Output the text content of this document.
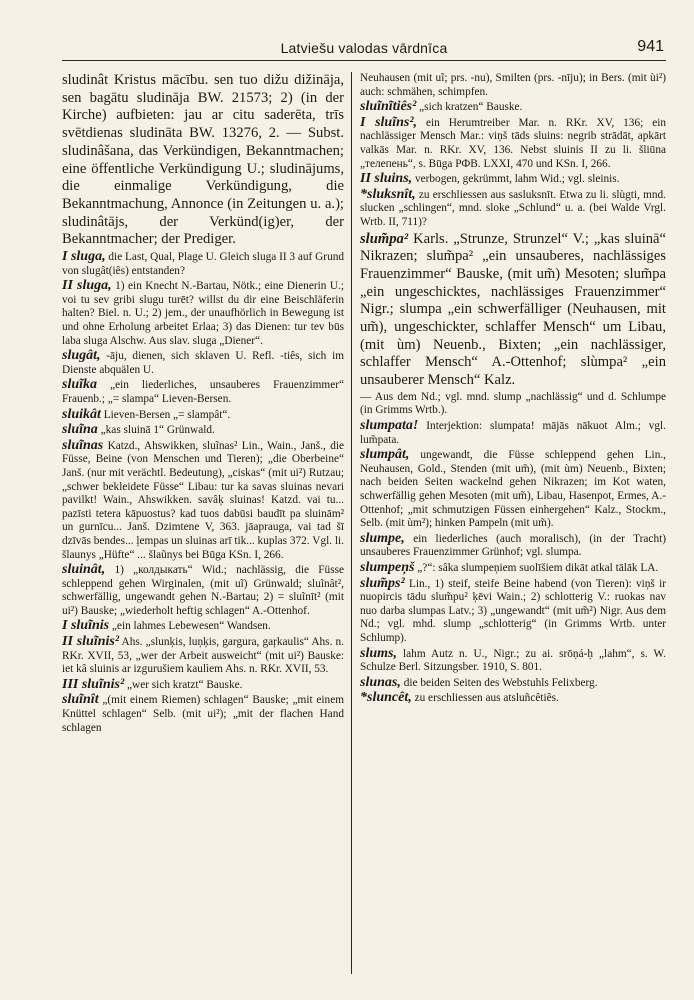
Latviešu valodas vārdnīca	941

sludinât Kristus mācību. sen tuo dižu dižināja, sen bagātu sludināja BW. 21573; 2) (in der Kirche) aufbieten: jau ar citu saderēta, trīs svētdienas sludināta BW. 13276, 2. — Subst. sludinâšana, das Verkündigen, Bekanntmachen; eine öffentliche Verkündigung U.; sludinājums, die einmalige Verkündigung, die Bekanntmachung, Annonce (in Zeitungen u. a.); sludinâtājs, der Verkünd(ig)er, der Bekanntmacher; der Prediger.

I sluga, die Last, Qual, Plage U. Gleich sluga II 3 auf Grund von slugât(iês) entstanden?

II sluga, 1) ein Knecht N.-Bartau, Nötk.; eine Dienerin U.; voi tu sev gribi slugu turēt? willst du dir eine Beischläferin halten? Biel. n. U.; 2) jem., der unaufhörlich in Bewegung ist und ohne Erholung arbeitet Erlaa; 3) das Dienen: tur tev būs laba sluga Alschw. Aus slav. sluga „Diener“.

slugât, -āju, dienen, sich sklaven U. Refl. -tiês, sich im Dienste abquälen U.

sluĩka „ein liederliches, unsauberes Frauenzimmer“ Frauenb.; „= slampa“ Lieven-Bersen.

sluikât Lieven-Bersen „= slampât“.

sluĩna „kas sluinā 1“ Grünwald.

sluĩnas Katzd., Ahswikken, sluĩnas² Lin., Wain., Janš., die Füsse, Beine (von Menschen und Tieren); „die Oberbeine“ Janš. (nur mit verächtl. Bedeutung), „ciskas“ (mit ui²) Rutzau; „schwer bekleidete Füsse“ Libau: tur ka savas sluinas nevari pavilkt! Wain., Ahswikken. savâķ sluinas! Katzd. vai tu... pazīsti tetera kāpuostus? kad tuos dabūsi baudīt pa sluinām² un gurnīcu... Janš. Dzimtene V, 363. jāaprauga, vai tad šī dzīvās bendes... ļempas un sluinas arī tik... kuplas 372. Vgl. li. šlaunys „Hüfte“ ... šlaũnys bei Būga KSn. I, 266.

sluinât, 1) „колдыкать“ Wid.; nachlässig, die Füsse schleppend gehen Wirginalen, (mit uĩ) Grünwald; sluĩnât², schwerfällig, ungewandt gehen N.-Bartau; 2) = sluĩnīt² (mit ui²) Bauske; „wiederholt heftig schlagen“ A.-Ottenhof.

I sluĩnis „ein lahmes Lebewesen“ Wandsen.

II sluĩnis² Ahs. „slunķis, luņķis, gargura, gaŗkaulis“ Ahs. n. RKr. XVII, 53, „wer der Arbeit ausweicht“ (mit ui²) Bauske: iet kâ sluinis ar izgurušiem kaulìem Ahs. n. RKr. XVII, 53.

III sluĩnis² „wer sich kratzt“ Bauske.

sluĩnît „(mit einem Riemen) schlagen“ Bauske; „mit einem Knüttel schlagen“ Selb. (mit ui²); „mit der flachen Hand schlagen

Neuhausen (mit uĩ; prs. -nu), Smilten (prs. -nīju); in Bers. (mit ùi²) auch: schmähen, schimpfen.

sluĩnĩtiês² „sich kratzen“ Bauske.

I sluĩns², ein Herumtreiber Mar. n. RKr. XV, 136; ein nachlässiger Mensch Mar.: viņš tāds sluins: negrib strādāt, apkārt valkās Mar. n. RKr. XV, 136. Nebst sluinis II zu li. šliūna „телепень“, s. Būga РФВ. LXXI, 470 und KSn. I, 266.

II sluins, verbogen, gekrümmt, lahm Wid.; vgl. sleinis.

*sluksnît, zu erschliessen aus sasluksnīt. Etwa zu li. slùgti, mnd. slucken „schlingen“, mnd. sloke „Schlund“ u. a. (bei Walde Vrgl. Wrtb. II, 711)?

slum̃pa² Karls. „Strunze, Strunzel“ V.; „kas sluinā“ Nikrazen; slum̃pa² „ein unsauberes, nachlässiges Frauenzimmer“ Bauske, (mit um̃) Mesoten; slum̃pa „ein ungeschicktes, nachlässiges Frauenzimmer“ Nigr.; slumpa „ein schwerfälliger (Neuhausen, mit um̃), ungeschickter, schlaffer Mensch“ um Libau, (mit ùm) Neuenb., Bixten; „ein nachlässiger, schlaffer Mensch“ A.-Ottenhof; slùmpa² „ein unsauberer Mensch“ Kalz.

— Aus dem Nd.; vgl. mnd. slump „nachlässig“ und d. Schlumpe (in Grimms Wrtb.).

slumpata! Interjektion: slumpata! mājās nākuot Alm.; vgl. lum̃pata.

slumpât, ungewandt, die Füsse schleppend gehen Lin., Neuhausen, Gold., Stenden (mit um̃), (mit ùm) Neuenb., Bixten; nach beiden Seiten wackelnd gehen Nikrazen; im Kot waten, schwerfällig gehen Mesoten (mit um̃), Libau, Hasenpot, Ermes, A.-Ottenhof; „mit schmutzigen Füssen einhergehen“ Kalz., Stockm., Selb. (mit ùm²); hinken Pampeln (mit um̃).

slumpe, ein liederliches (auch moralisch), (in der Tracht) unsauberes Frauenzimmer Grünhof; vgl. slumpa.

slumpeņš „?“: sâka slumpeņiem suolīšiem dikāt atkal tālāk LA.

slum̃ps² Lin., 1) steif, steife Beine habend (von Tieren): viņš ir nuopircis tādu slum̃pu² ķēvi Wain.; 2) schlotterig V.: ruokas nav nuo darba slumpas Latv.; 3) „ungewandt“ (mit um̃²) Nigr. Aus dem Nd.; vgl. mhd. slump „schlotterig“ (in Grimms Wrtb. unter Schlump).

slums, lahm Autz n. U., Nigr.; zu ai. srōṇá-ḥ „lahm“, s. W. Schulze Berl. Sitzungsber. 1910, S. 801.

slunas, die beiden Seiten des Webstuhls Felixberg.

*sluncêt, zu erschliessen aus atsluñcêtiês.
